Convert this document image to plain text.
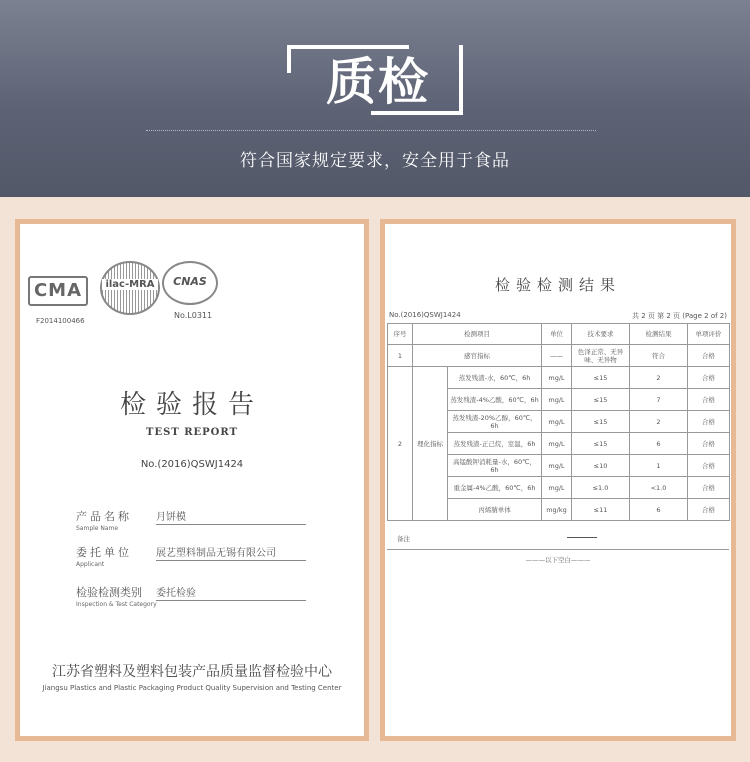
质检
符合国家规定要求，安全用于食品
CMA	ilac-MRA	CNAS
F2014100466
No.L0311
检验报告
TEST REPORT
No.(2016)QSWJ1424
产品名称
Sample Name
月饼模
委托单位
Applicant
展艺塑料制品无锡有限公司
检验检测类别
Inspection & Test Category
委托检验
江苏省塑料及塑料包装产品质量监督检验中心
Jiangsu Plastics and Plastic Packaging Product Quality Supervision and Testing Center
检验检测结果
No.(2016)QSWJ1424	共 2 页 第 2 页 (Page 2 of 2)
序号	检测项目		单位	技术要求	检测结果	单项评价
1	感官指标		——	色泽正常、无异味、无异物	符合	合格
2	理化指标	蒸发残渣-水，60℃，6h	mg/L	≤15	2	合格
		蒸发残渣-4%乙酸，60℃，6h	mg/L	≤15	7	合格
		蒸发残渣-20%乙醇，60℃，6h	mg/L	≤15	2	合格
		蒸发残渣-正己烷，室温，6h	mg/L	≤15	6	合格
		高锰酸钾消耗量-水，60℃，6h	mg/L	≤10	1	合格
		重金属-4%乙酸，60℃，6h	mg/L	≤1.0	<1.0	合格
		丙烯腈单体	mg/kg	≤11	6	合格
备注
———以下空白———
